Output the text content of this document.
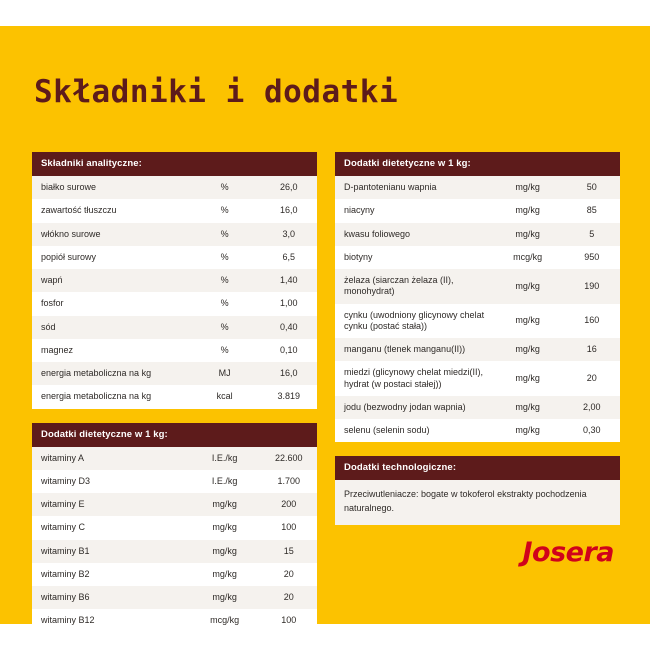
Składniki i dodatki
Składniki analityczne:
białko surowe	%	26,0
zawartość tłuszczu	%	16,0
włókno surowe	%	3,0
popiół surowy	%	6,5
wapń	%	1,40
fosfor	%	1,00
sód	%	0,40
magnez	%	0,10
energia metaboliczna na kg	MJ	16,0
energia metaboliczna na kg	kcal	3.819
Dodatki dietetyczne w 1 kg:
witaminy A	I.E./kg	22.600
witaminy D3	I.E./kg	1.700
witaminy E	mg/kg	200
witaminy C	mg/kg	100
witaminy B1	mg/kg	15
witaminy B2	mg/kg	20
witaminy B6	mg/kg	20
witaminy B12	mcg/kg	100
Dodatki dietetyczne w 1 kg:
D-pantotenianu wapnia	mg/kg	50
niacyny	mg/kg	85
kwasu foliowego	mg/kg	5
biotyny	mcg/kg	950
żelaza (siarczan żelaza (II), monohydrat)	mg/kg	190
cynku (uwodniony glicynowy chelat cynku (postać stała))	mg/kg	160
manganu (tlenek manganu(II))	mg/kg	16
miedzi (glicynowy chelat miedzi(II), hydrat (w postaci stałej))	mg/kg	20
jodu (bezwodny jodan wapnia)	mg/kg	2,00
selenu (selenin sodu)	mg/kg	0,30
Dodatki technologiczne:
Przeciwutleniacze: bogate w tokoferol ekstrakty pochodzenia naturalnego.
Josera
